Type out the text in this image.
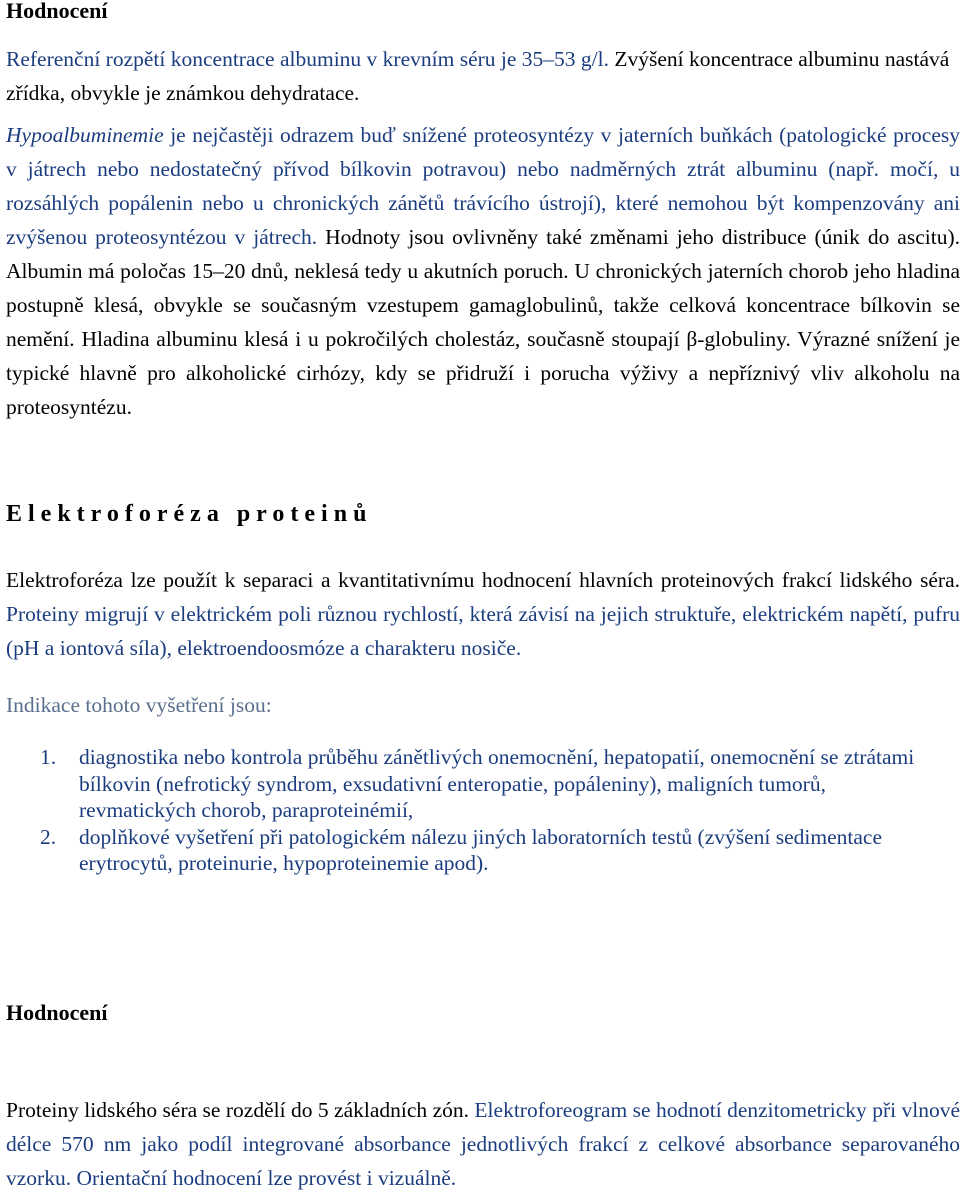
Hodnocení

Referenční rozpětí koncentrace albuminu v krevním séru je 35–53 g/l. Zvýšení koncentrace albuminu nastává zřídka, obvykle je známkou dehydratace.

Hypoalbuminemie je nejčastěji odrazem buď snížené proteosyntézy v jaterních buňkách (patologické procesy v játrech nebo nedostatečný přívod bílkovin potravou) nebo nadměrných ztrát albuminu (např. močí, u rozsáhlých popálenin nebo u chronických zánětů trávícího ústrojí), které nemohou být kompenzovány ani zvýšenou proteosyntézou v játrech. Hodnoty jsou ovlivněny také změnami jeho distribuce (únik do ascitu). Albumin má poločas 15–20 dnů, neklesá tedy u akutních poruch. U chronických jaterních chorob jeho hladina postupně klesá, obvykle se současným vzestupem gamaglobulinů, takže celková koncentrace bílkovin se nemění. Hladina albuminu klesá i u pokročilých cholestáz, současně stoupají β-globuliny. Výrazné snížení je typické hlavně pro alkoholické cirhózy, kdy se přidruží i porucha výživy a nepříznivý vliv alkoholu na proteosyntézu.

Elektroforéza proteinů

Elektroforéza lze použít k separaci a kvantitativnímu hodnocení hlavních proteinových frakcí lidského séra. Proteiny migrují v elektrickém poli různou rychlostí, která závisí na jejich struktuře, elektrickém napětí, pufru (pH a iontová síla), elektroendoosmóze a charakteru nosiče.

Indikace tohoto vyšetření jsou:

1. diagnostika nebo kontrola průběhu zánětlivých onemocnění, hepatopatií, onemocnění se ztrátami bílkovin (nefrotický syndrom, exsudativní enteropatie, popáleniny), maligních tumorů, revmatických chorob, paraproteinémií,
2. doplňkové vyšetření při patologickém nálezu jiných laboratorních testů (zvýšení sedimentace erytrocytů, proteinurie, hypoproteinemie apod).
Hodnocení

Proteiny lidského séra se rozdělí do 5 základních zón. Elektroforeogram se hodnotí denzitometricky při vlnové délce 570 nm jako podíl integrované absorbance jednotlivých frakcí z celkové absorbance separovaného vzorku. Orientační hodnocení lze provést i vizuálně.
